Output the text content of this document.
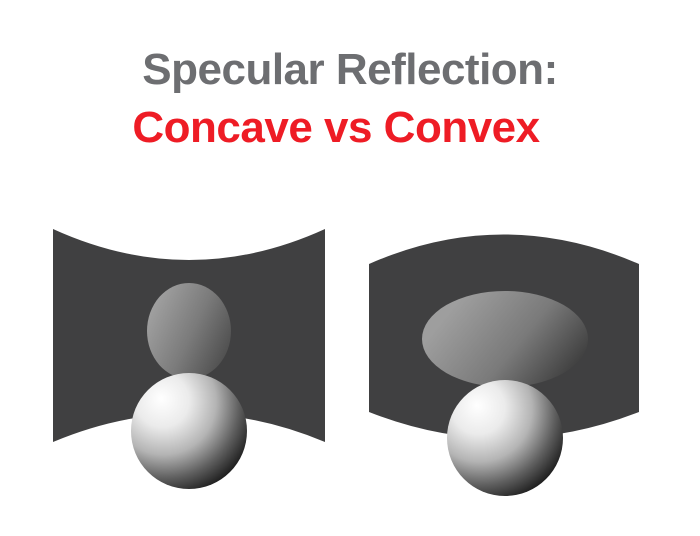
Specular Reflection:
Concave vs Convex
